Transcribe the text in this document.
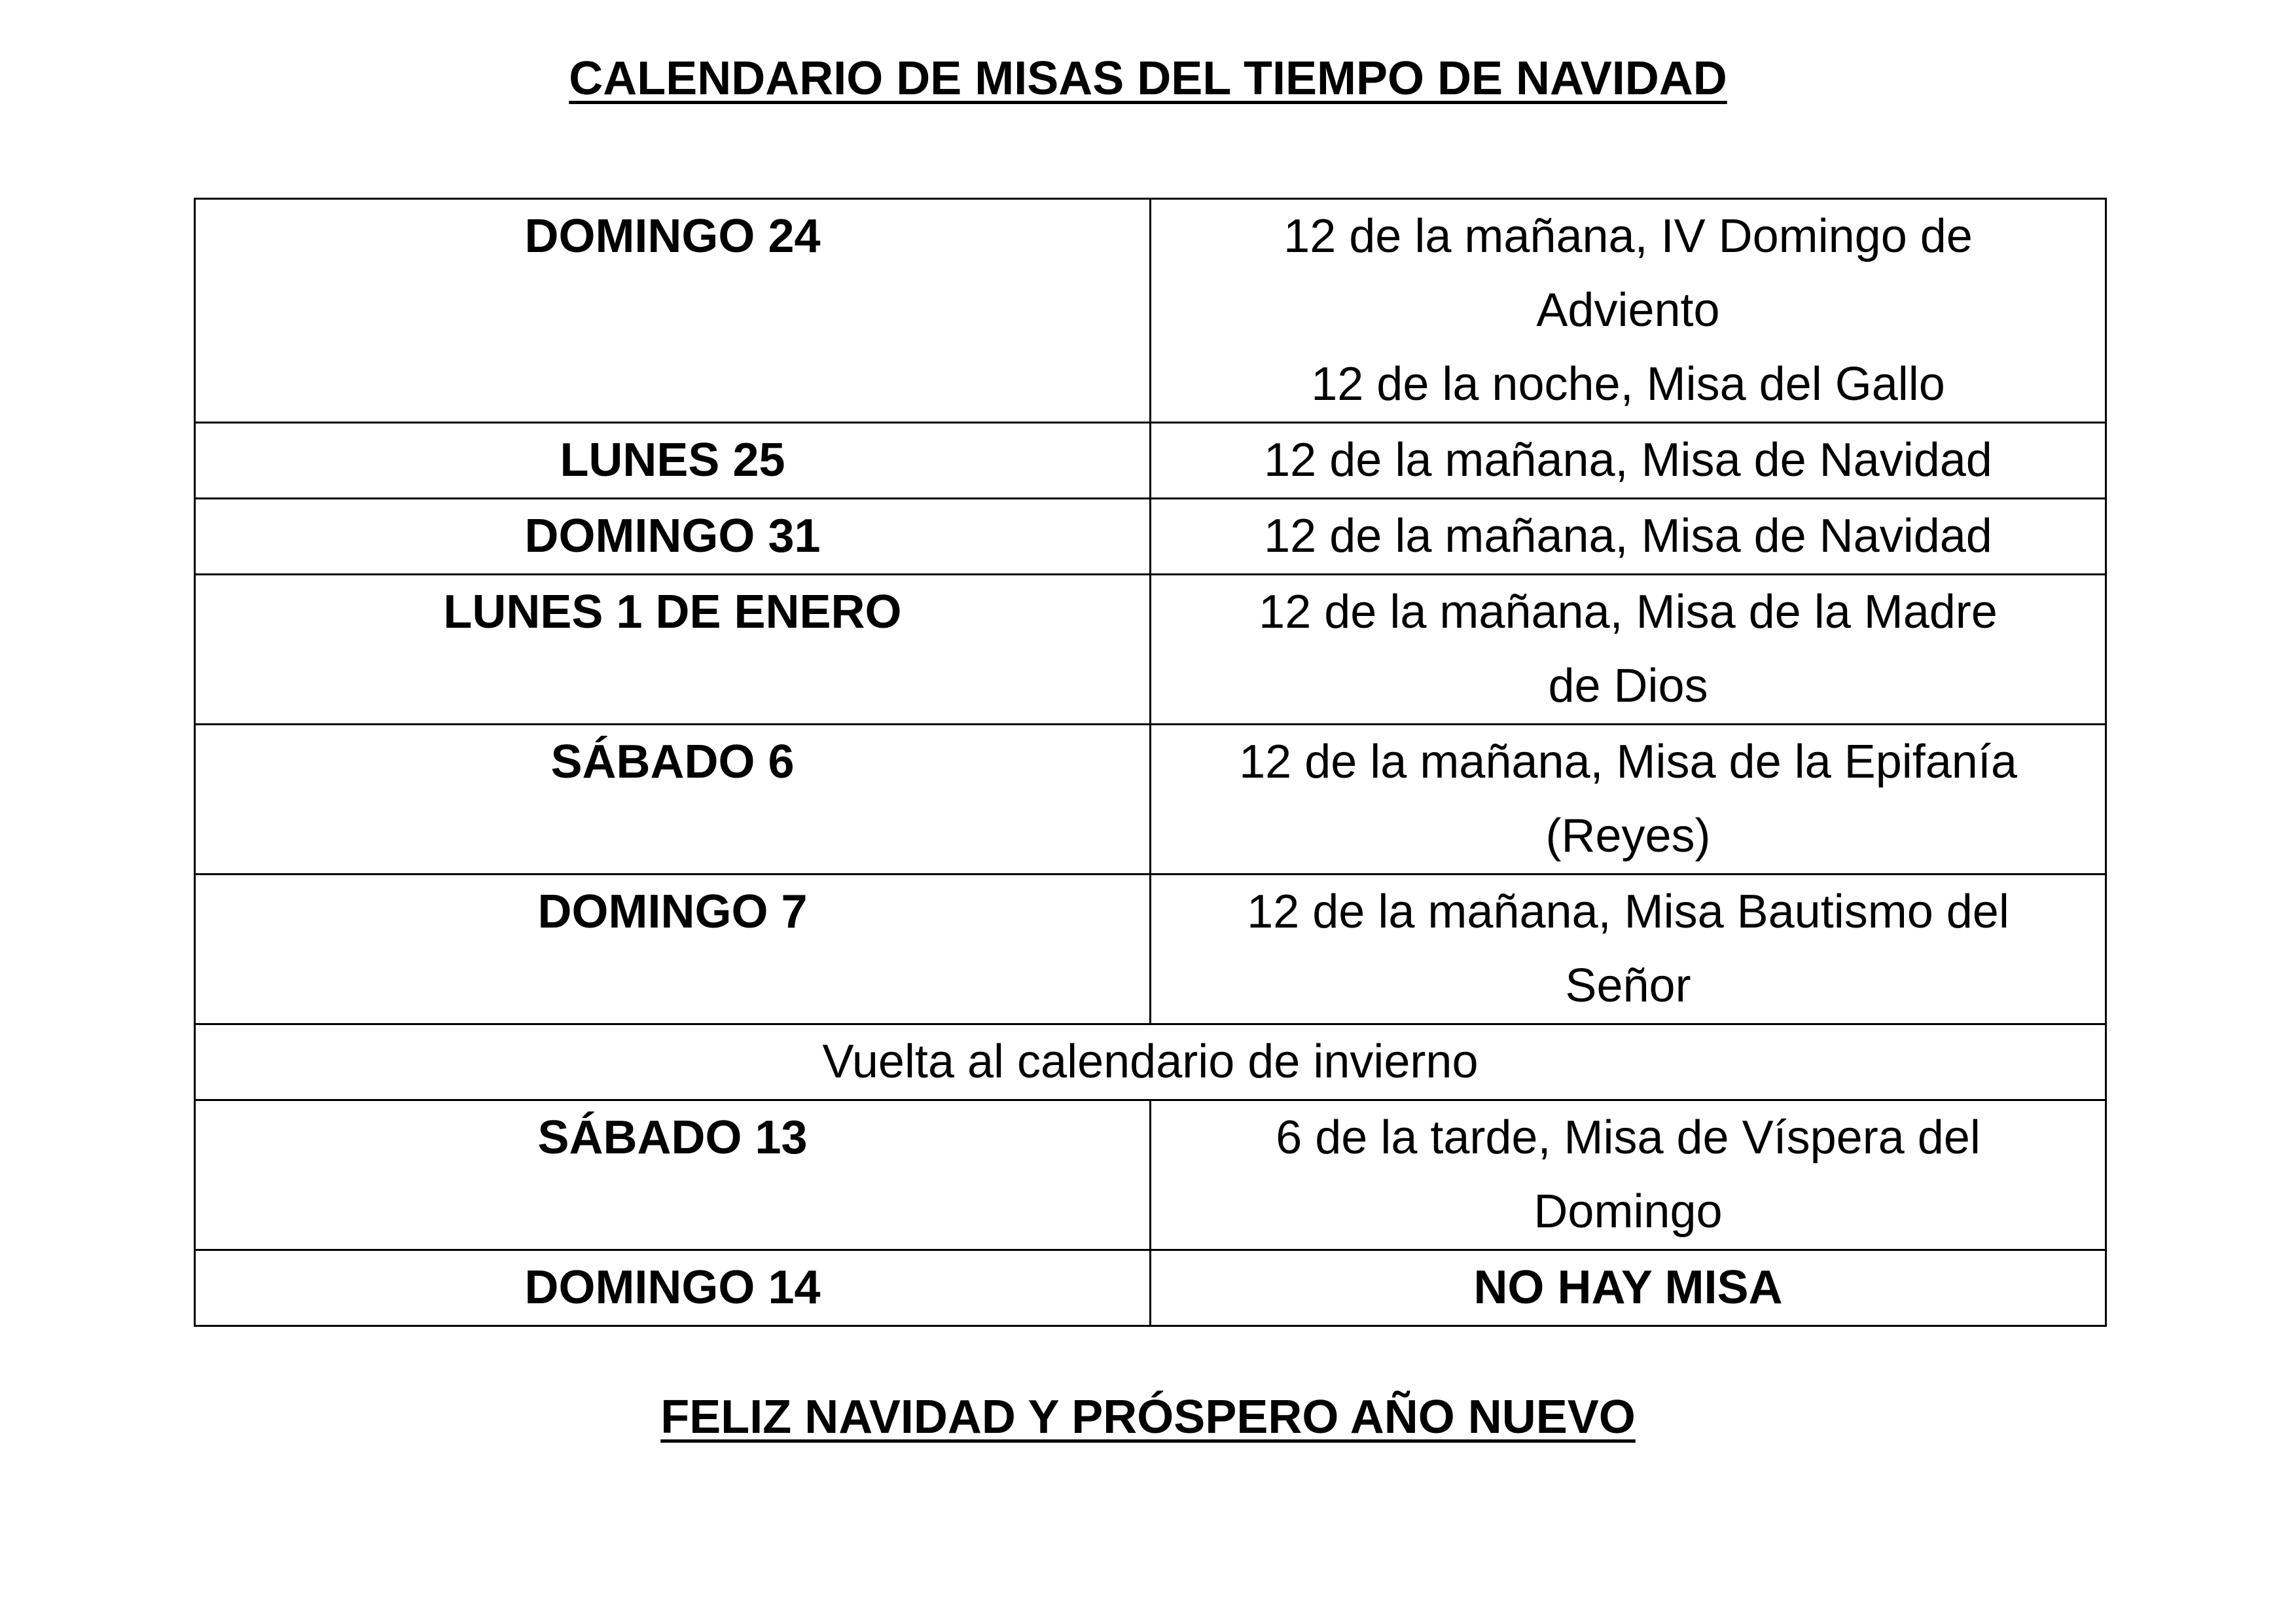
CALENDARIO DE MISAS DEL TIEMPO DE NAVIDAD
DOMINGO 24	12 de la mañana, IV Domingo de
Adviento
12 de la noche, Misa del Gallo

LUNES 25	12 de la mañana, Misa de Navidad

DOMINGO 31	12 de la mañana, Misa de Navidad

LUNES 1 DE ENERO	12 de la mañana, Misa de la Madre
de Dios

SÁBADO 6	12 de la mañana, Misa de la Epifanía
(Reyes)

DOMINGO 7	12 de la mañana, Misa Bautismo del
Señor

Vuelta al calendario de invierno	
SÁBADO 13	6 de la tarde, Misa de Víspera del
Domingo

DOMINGO 14	NO HAY MISA
FELIZ NAVIDAD Y PRÓSPERO AÑO NUEVO
